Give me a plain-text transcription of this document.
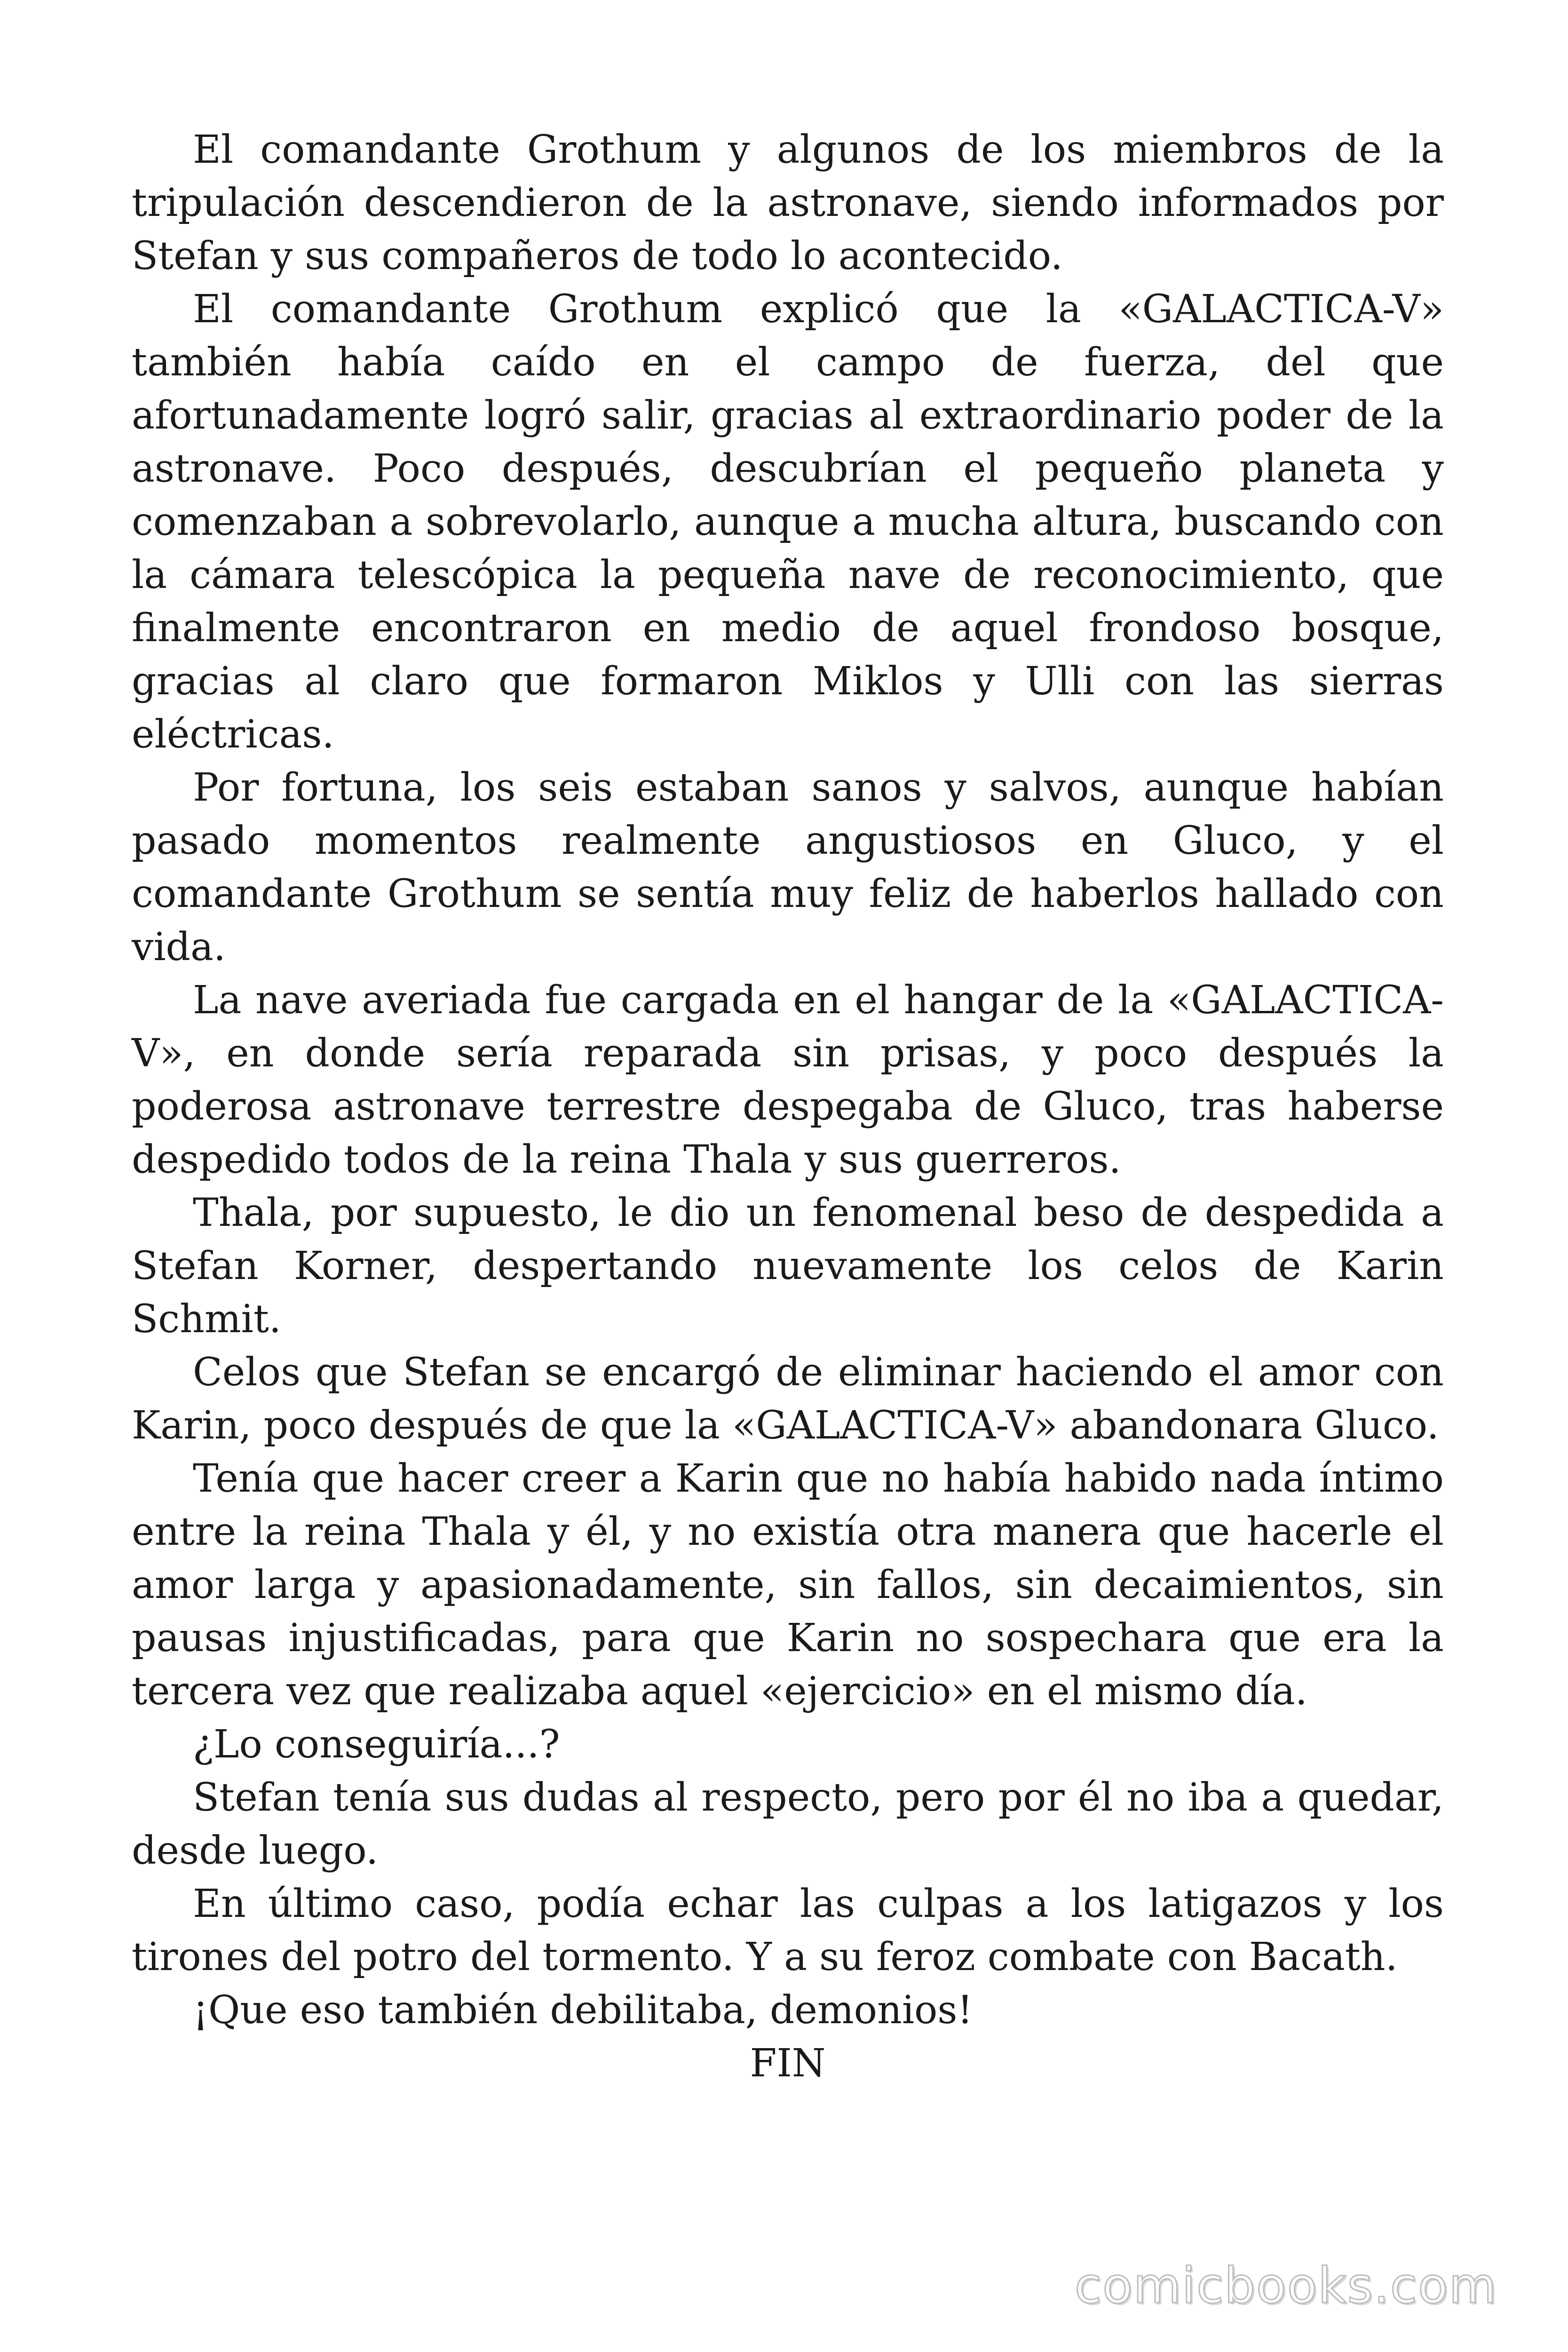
El comandante Grothum y algunos de los miembros de la tripulación descendieron de la astronave, siendo informados por Stefan y sus compañeros de todo lo acontecido.

El comandante Grothum explicó que la «GALACTICA-V» también había caído en el campo de fuerza, del que afortunadamente logró salir, gracias al extraordinario poder de la astronave. Poco después, descubrían el pequeño planeta y comenzaban a sobrevolarlo, aunque a mucha altura, buscando con la cámara telescópica la pequeña nave de reconocimiento, que finalmente encontraron en medio de aquel frondoso bosque, gracias al claro que formaron Miklos y Ulli con las sierras eléctricas.

Por fortuna, los seis estaban sanos y salvos, aunque habían pasado momentos realmente angustiosos en Gluco, y el comandante Grothum se sentía muy feliz de haberlos hallado con vida.

La nave averiada fue cargada en el hangar de la «GALACTICA-V», en donde sería reparada sin prisas, y poco después la poderosa astronave terrestre despegaba de Gluco, tras haberse despedido todos de la reina Thala y sus guerreros.

Thala, por supuesto, le dio un fenomenal beso de despedida a Stefan Korner, despertando nuevamente los celos de Karin Schmit.

Celos que Stefan se encargó de eliminar haciendo el amor con Karin, poco después de que la «GALACTICA-V» abandonara Gluco.

Tenía que hacer creer a Karin que no había habido nada íntimo entre la reina Thala y él, y no existía otra manera que hacerle el amor larga y apasionadamente, sin fallos, sin decaimientos, sin pausas injustificadas, para que Karin no sospechara que era la tercera vez que realizaba aquel «ejercicio» en el mismo día.

¿Lo conseguiría...?

Stefan tenía sus dudas al respecto, pero por él no iba a quedar, desde luego.

En último caso, podía echar las culpas a los latigazos y los tirones del potro del tormento. Y a su feroz combate con Bacath.

¡Que eso también debilitaba, demonios!

FIN

comicbooks.com
